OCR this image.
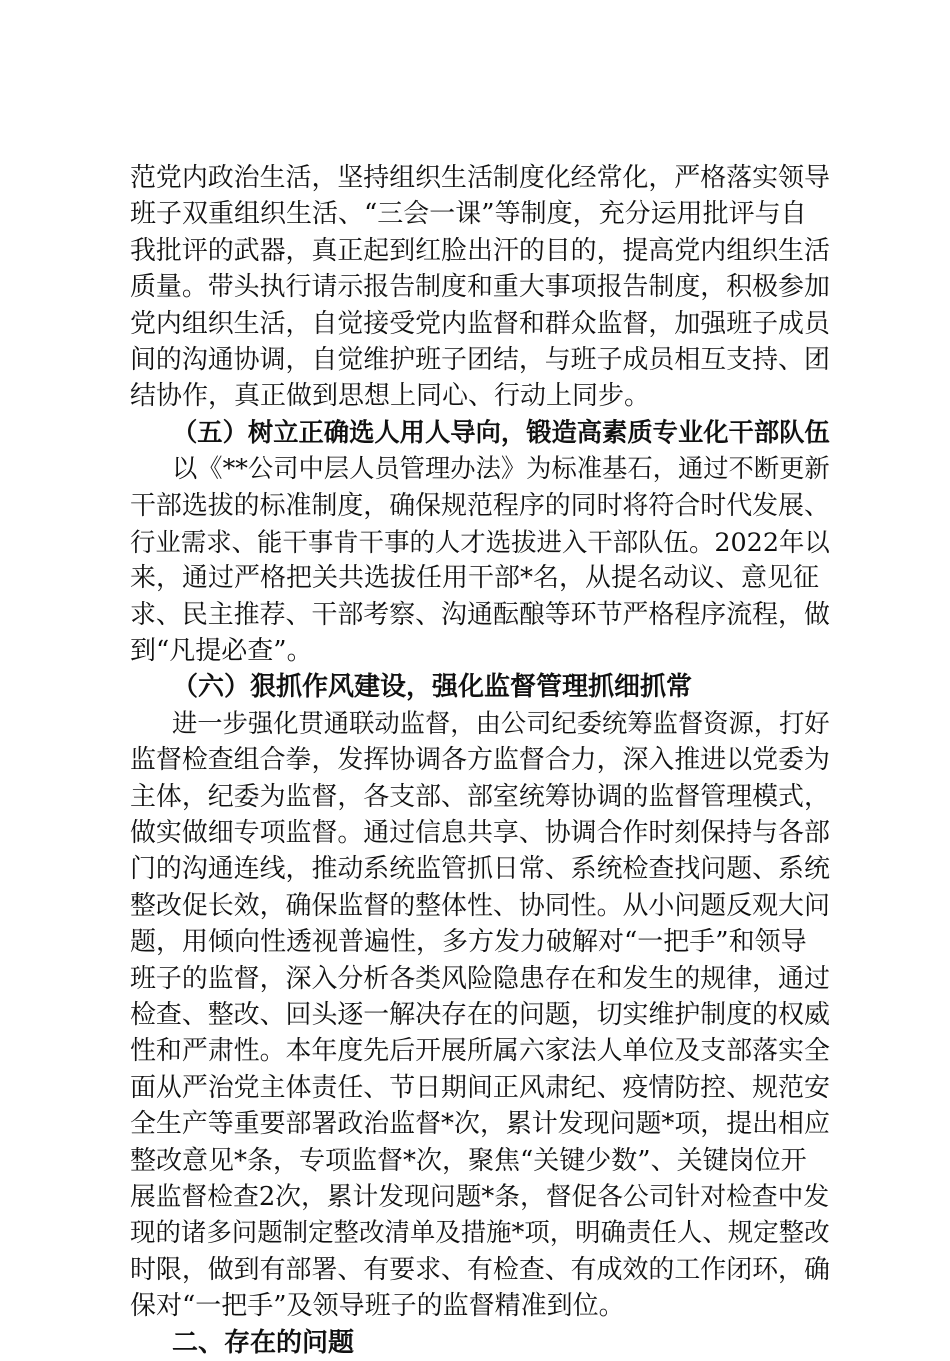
范党内政治生活，坚持组织生活制度化经常化，严格落实领导
班子双重组织生活、“三会一课”等制度，充分运用批评与自
我批评的武器，真正起到红脸出汗的目的，提高党内组织生活
质量。带头执行请示报告制度和重大事项报告制度，积极参加
党内组织生活，自觉接受党内监督和群众监督，加强班子成员
间的沟通协调，自觉维护班子团结，与班子成员相互支持、团
结协作，真正做到思想上同心、行动上同步。
（五）树立正确选人用人导向，锻造高素质专业化干部队伍
以《**公司中层人员管理办法》为标准基石，通过不断更新
干部选拔的标准制度，确保规范程序的同时将符合时代发展、
行业需求、能干事肯干事的人才选拔进入干部队伍。2022年以
来，通过严格把关共选拔任用干部*名，从提名动议、意见征
求、民主推荐、干部考察、沟通酝酿等环节严格程序流程，做
到“凡提必查”。
（六）狠抓作风建设，强化监督管理抓细抓常
进一步强化贯通联动监督，由公司纪委统筹监督资源，打好
监督检查组合拳，发挥协调各方监督合力，深入推进以党委为
主体，纪委为监督，各支部、部室统筹协调的监督管理模式，
做实做细专项监督。通过信息共享、协调合作时刻保持与各部
门的沟通连线，推动系统监管抓日常、系统检查找问题、系统
整改促长效，确保监督的整体性、协同性。从小问题反观大问
题，用倾向性透视普遍性，多方发力破解对“一把手”和领导
班子的监督，深入分析各类风险隐患存在和发生的规律，通过
检查、整改、回头逐一解决存在的问题，切实维护制度的权威
性和严肃性。本年度先后开展所属六家法人单位及支部落实全
面从严治党主体责任、节日期间正风肃纪、疫情防控、规范安
全生产等重要部署政治监督*次，累计发现问题*项，提出相应
整改意见*条，专项监督*次，聚焦“关键少数”、关键岗位开
展监督检查2次，累计发现问题*条，督促各公司针对检查中发
现的诸多问题制定整改清单及措施*项，明确责任人、规定整改
时限，做到有部署、有要求、有检查、有成效的工作闭环，确
保对“一把手”及领导班子的监督精准到位。
二、存在的问题
